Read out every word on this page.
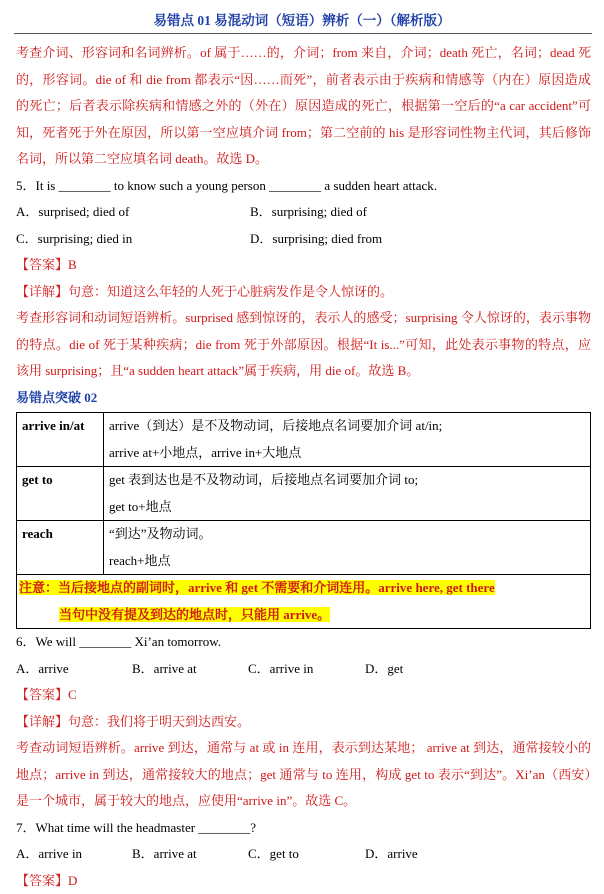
易错点 01 易混动词（短语）辨析（一）（解析版）
考查介词、形容词和名词辨析。of 属于……的，介词；from 来自，介词；death 死亡，名词；dead 死的，形容词。die of 和 die from 都表示“因……而死”，前者表示由于疾病和情感等（内在）原因造成的死亡；后者表示除疾病和情感之外的（外在）原因造成的死亡，根据第一空后的“a car accident”可知，死者死于外在原因，所以第一空应填介词 from；第二空前的 his 是形容词性物主代词，其后修饰名词，所以第二空应填名词 death。故选 D。
5．It is ________ to know such a young person ________ a sudden heart attack.
A．surprised; died of	B．surprising; died of
C．surprising; died in	D．surprising; died from
【答案】B
【详解】句意：知道这么年轻的人死于心脏病发作是令人惊讶的。
考查形容词和动词短语辨析。surprised 感到惊讶的，表示人的感受；surprising 令人惊讶的，表示事物的特点。die of 死于某种疾病；die from 死于外部原因。根据“It is...”可知，此处表示事物的特点，应该用 surprising；且“a sudden heart attack”属于疾病，用 die of。故选 B。
易错点突破 02
arrive in/at	arrive（到达）是不及物动词，后接地点名词要加介词 at/in;
arrive at+小地点，arrive in+大地点

get to	get 表到达也是不及物动词，后接地点名词要加介词 to;
get to+地点

reach	“到达”及物动词。
reach+地点

注意：当后接地点的副词时，arrive 和 get 不需要和介词连用。arrive here, get there
当句中没有提及到达的地点时，只能用 arrive。	
6．We will ________ Xi’an tomorrow.
A．arrive	B．arrive at	C．arrive in	D．get
【答案】C
【详解】句意：我们将于明天到达西安。
考查动词短语辨析。arrive 到达，通常与 at 或 in 连用，表示到达某地； arrive at 到达，通常接较小的地点；arrive in 到达，通常接较大的地点；get 通常与 to 连用，构成 get to 表示“到达”。Xi’an（西安）是一个城市，属于较大的地点，应使用“arrive in”。故选 C。
7．What time will the headmaster ________?
A．arrive in	B．arrive at	C．get to	D．arrive
【答案】D
